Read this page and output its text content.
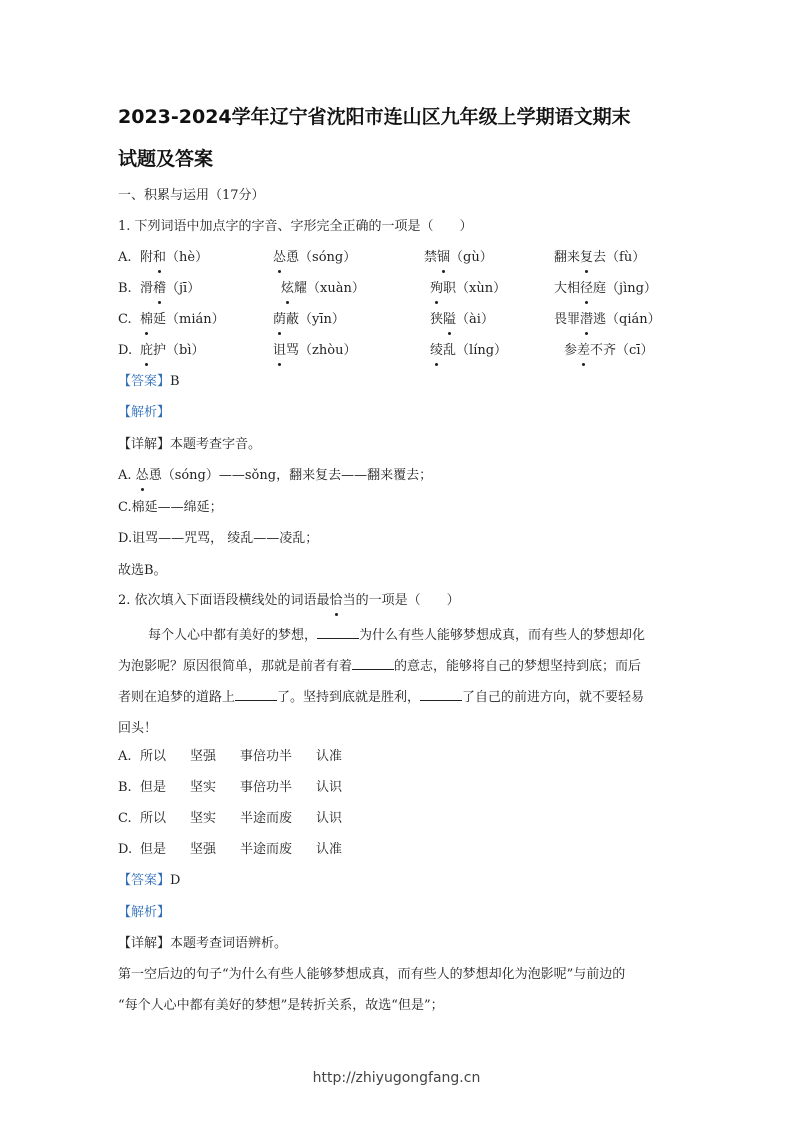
2023-2024学年辽宁省沈阳市连山区九年级上学期语文期末
试题及答案
一、积累与运用（17分）
1. 下列词语中加点字的字音、字形完全正确的一项是（　　）
A. 附和（hè）	怂恿（sóng）	禁锢（gù）	翻来复去（fù）
B. 滑稽（jī）	炫耀（xuàn）	殉职（xùn）	大相径庭（jìng）
C. 棉延（mián）	荫蔽（yīn）	狭隘（ài）	畏罪潜逃（qián）
D. 庇护（bì）	诅骂（zhòu）	绫乱（líng）	参差不齐（cī）
【答案】B
【解析】
【详解】本题考查字音。
A. 怂恿（sóng）——sǒng，翻来复去——翻来覆去；
C.棉延——绵延；
D.诅骂——咒骂， 绫乱——凌乱；
故选B。
2. 依次填入下面语段横线处的词语最恰当的一项是（　　）
每个人心中都有美好的梦想，	为什么有些人能够梦想成真，而有些人的梦想却化
为泡影呢？原因很简单，那就是前者有着	的意志，能够将自己的梦想坚持到底；而后
者则在追梦的道路上	了。坚持到底就是胜利，	了自己的前进方向，就不要轻易
回头！
A. 所以 坚强 事倍功半 认准
B. 但是 坚实 事倍功半 认识
C. 所以 坚实 半途而废 认识
D. 但是 坚强 半途而废 认准
【答案】D
【解析】
【详解】本题考查词语辨析。
第一空后边的句子“为什么有些人能够梦想成真，而有些人的梦想却化为泡影呢”与前边的
“每个人心中都有美好的梦想”是转折关系，故选“但是”；
http://zhiyugongfang.cn
